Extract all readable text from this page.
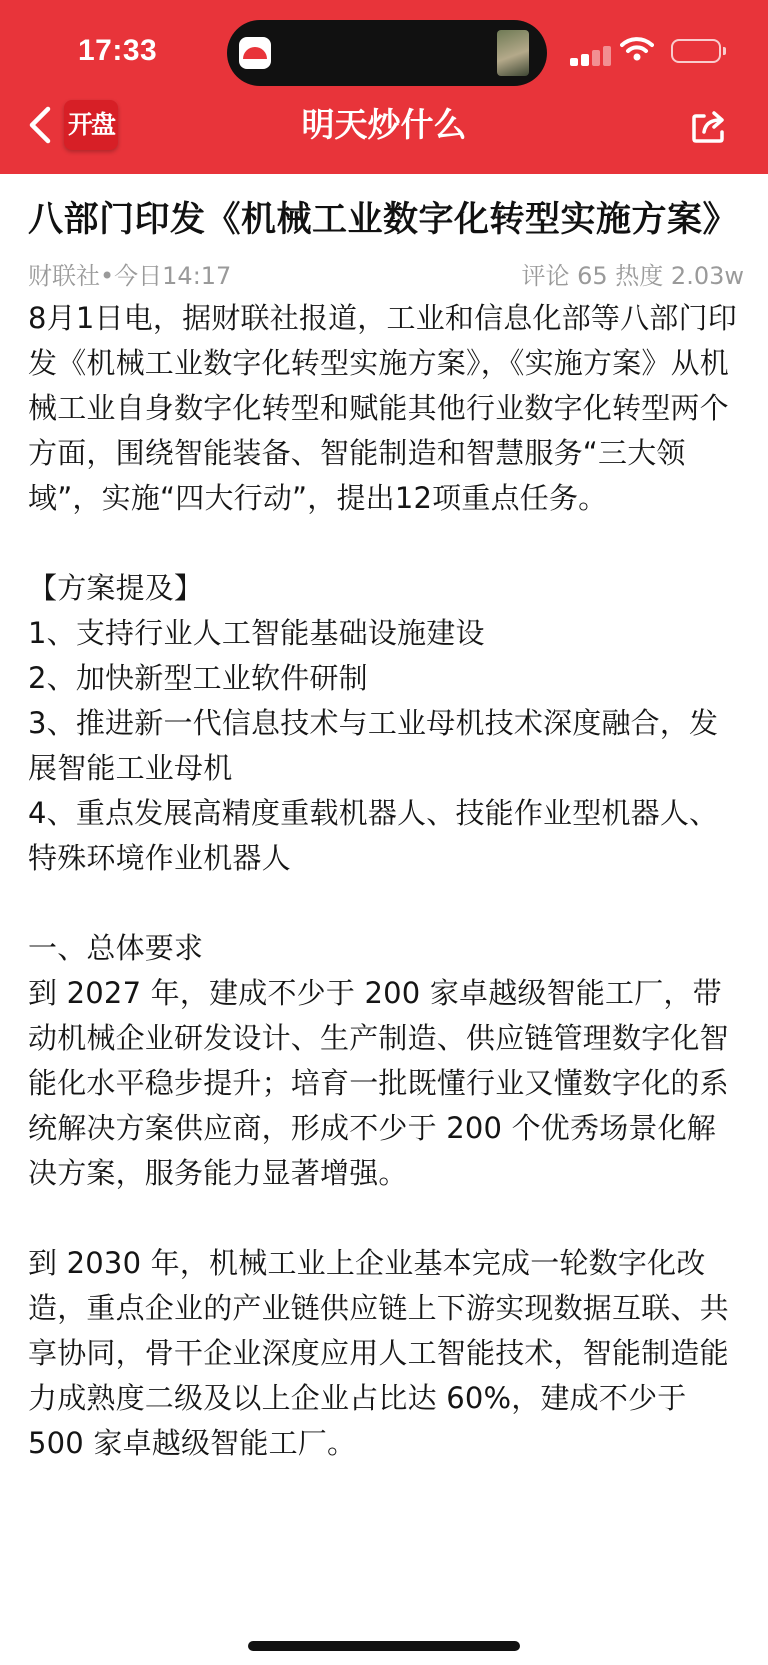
17:33
开盘	明天炒什么
八部门印发《机械工业数字化转型实施方案》
财联社•今日14:17	评论 65 热度 2.03w
8月1日电，据财联社报道，工业和信息化部等八部门印发《机械工业数字化转型实施方案》，《实施方案》从机械工业自身数字化转型和赋能其他行业数字化转型两个方面，围绕智能装备、智能制造和智慧服务“三大领域”，实施“四大行动”，提出12项重点任务。

【方案提及】
1、支持行业人工智能基础设施建设
2、加快新型工业软件研制
3、推进新一代信息技术与工业母机技术深度融合，发展智能工业母机
4、重点发展高精度重载机器人、技能作业型机器人、特殊环境作业机器人

一、总体要求
到 2027 年，建成不少于 200 家卓越级智能工厂，带动机械企业研发设计、生产制造、供应链管理数字化智能化水平稳步提升；培育一批既懂行业又懂数字化的系统解决方案供应商，形成不少于 200 个优秀场景化解决方案，服务能力显著增强。

到 2030 年，机械工业上企业基本完成一轮数字化改造，重点企业的产业链供应链上下游实现数据互联、共享协同，骨干企业深度应用人工智能技术，智能制造能力成熟度二级及以上企业占比达 60%，建成不少于 500 家卓越级智能工厂。
